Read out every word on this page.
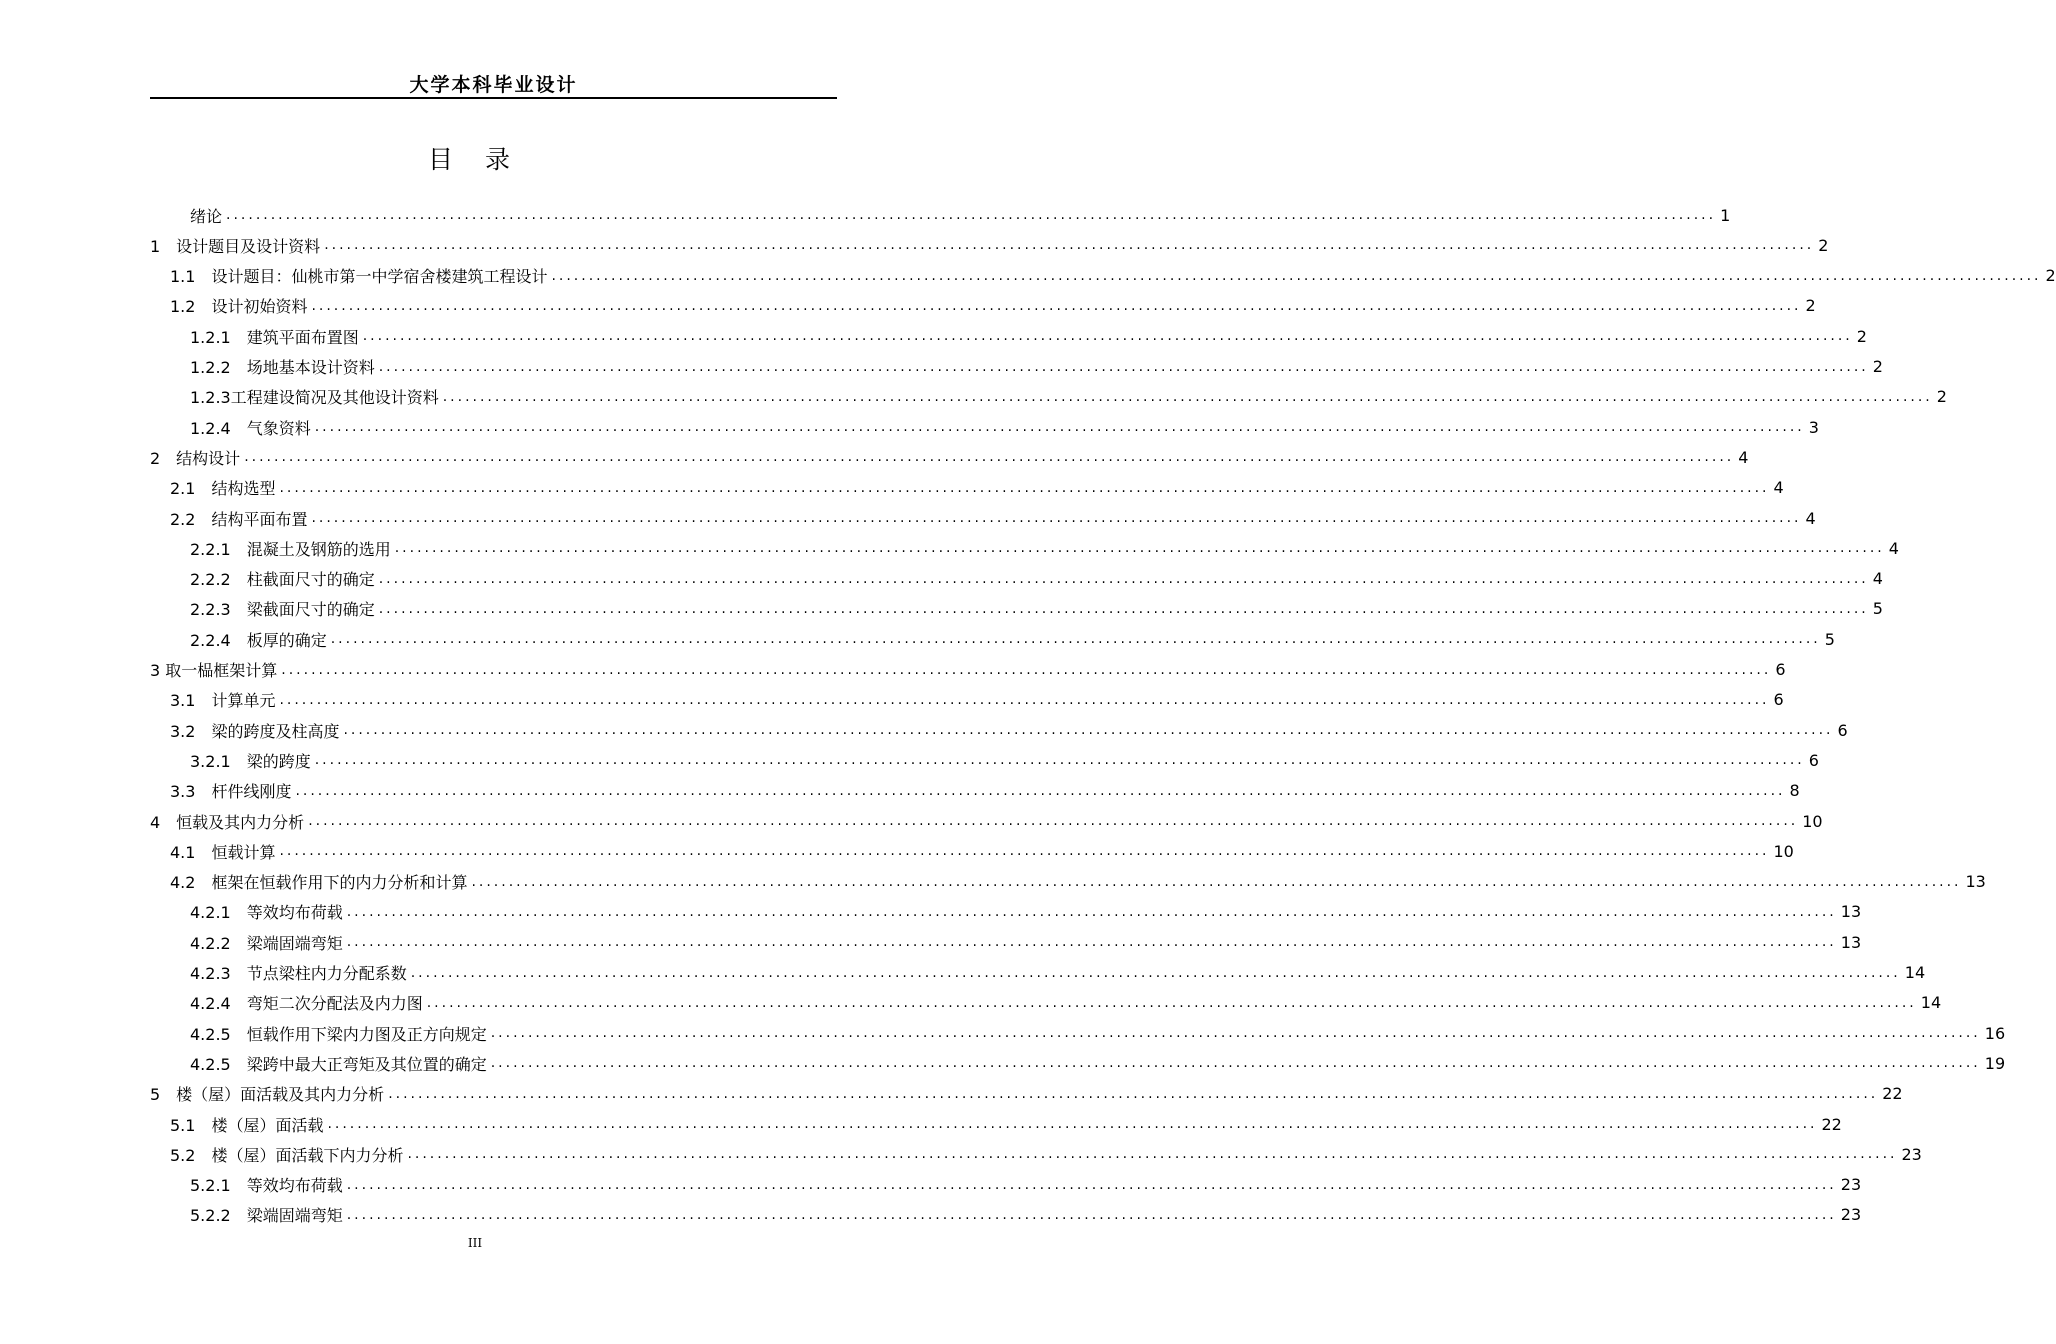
大学本科毕业设计
目 录
绪论 ........................................................................................................................................................................................................ 1
1　设计题目及设计资料 ........................................................................................................................................................................................................ 2
1.1　设计题目：仙桃市第一中学宿舍楼建筑工程设计 ........................................................................................................................................................................................................ 2
1.2　设计初始资料 ........................................................................................................................................................................................................ 2
1.2.1　建筑平面布置图 ........................................................................................................................................................................................................ 2
1.2.2　场地基本设计资料 ........................................................................................................................................................................................................ 2
1.2.3工程建设简况及其他设计资料 ........................................................................................................................................................................................................ 2
1.2.4　气象资料 ........................................................................................................................................................................................................ 3
2　结构设计 ........................................................................................................................................................................................................ 4
2.1　结构选型 ........................................................................................................................................................................................................ 4
2.2　结构平面布置 ........................................................................................................................................................................................................ 4
2.2.1　混凝土及钢筋的选用 ........................................................................................................................................................................................................ 4
2.2.2　柱截面尺寸的确定 ........................................................................................................................................................................................................ 4
2.2.3　梁截面尺寸的确定 ........................................................................................................................................................................................................ 5
2.2.4　板厚的确定 ........................................................................................................................................................................................................ 5
3 取一榀框架计算 ........................................................................................................................................................................................................ 6
3.1　计算单元 ........................................................................................................................................................................................................ 6
3.2　梁的跨度及柱高度 ........................................................................................................................................................................................................ 6
3.2.1　梁的跨度 ........................................................................................................................................................................................................ 6
3.3　杆件线刚度 ........................................................................................................................................................................................................ 8
4　恒载及其内力分析 ........................................................................................................................................................................................................ 10
4.1　恒载计算 ........................................................................................................................................................................................................ 10
4.2　框架在恒载作用下的内力分析和计算 ........................................................................................................................................................................................................ 13
4.2.1　等效均布荷载 ........................................................................................................................................................................................................ 13
4.2.2　梁端固端弯矩 ........................................................................................................................................................................................................ 13
4.2.3　节点梁柱内力分配系数 ........................................................................................................................................................................................................ 14
4.2.4　弯矩二次分配法及内力图 ........................................................................................................................................................................................................ 14
4.2.5　恒载作用下梁内力图及正方向规定 ........................................................................................................................................................................................................ 16
4.2.5　梁跨中最大正弯矩及其位置的确定 ........................................................................................................................................................................................................ 19
5　楼（屋）面活载及其内力分析 ........................................................................................................................................................................................................ 22
5.1　楼（屋）面活载 ........................................................................................................................................................................................................ 22
5.2　楼（屋）面活载下内力分析 ........................................................................................................................................................................................................ 23
5.2.1　等效均布荷载 ........................................................................................................................................................................................................ 23
5.2.2　梁端固端弯矩 ........................................................................................................................................................................................................ 23
III
